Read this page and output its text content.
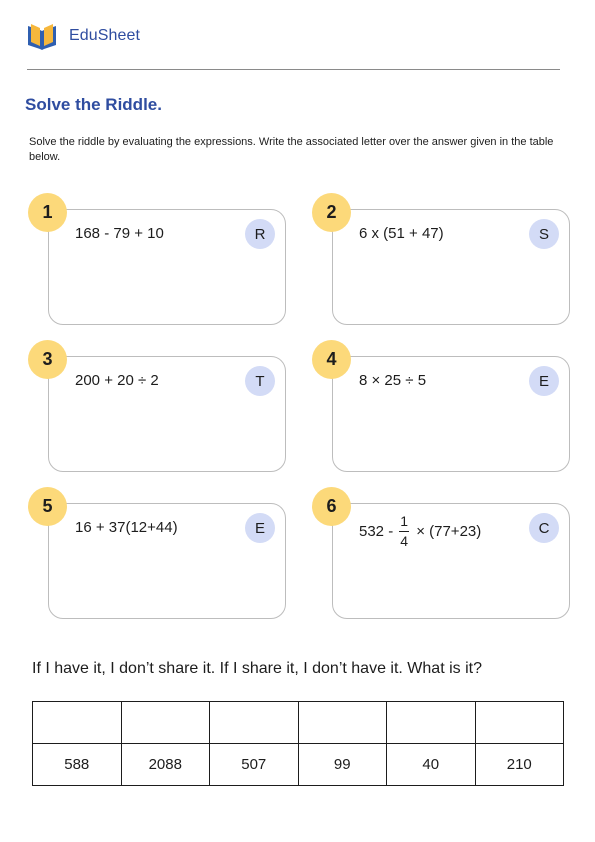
EduSheet
Solve the Riddle.
Solve the riddle by evaluating the expressions. Write the associated letter over the answer given in the table below.
1
168 - 79 + 10	R
2
6 x (51 + 47)	S
3
200 + 20 ÷ 2	T
4
8 × 25 ÷ 5	E
5
16 + 37(12+44)	E
6
$532 - \frac{1}{4} \times (77+23)$	C
If I have it, I don’t share it. If I share it, I don’t have it. What is it?

588	2088	507	99	40	210
